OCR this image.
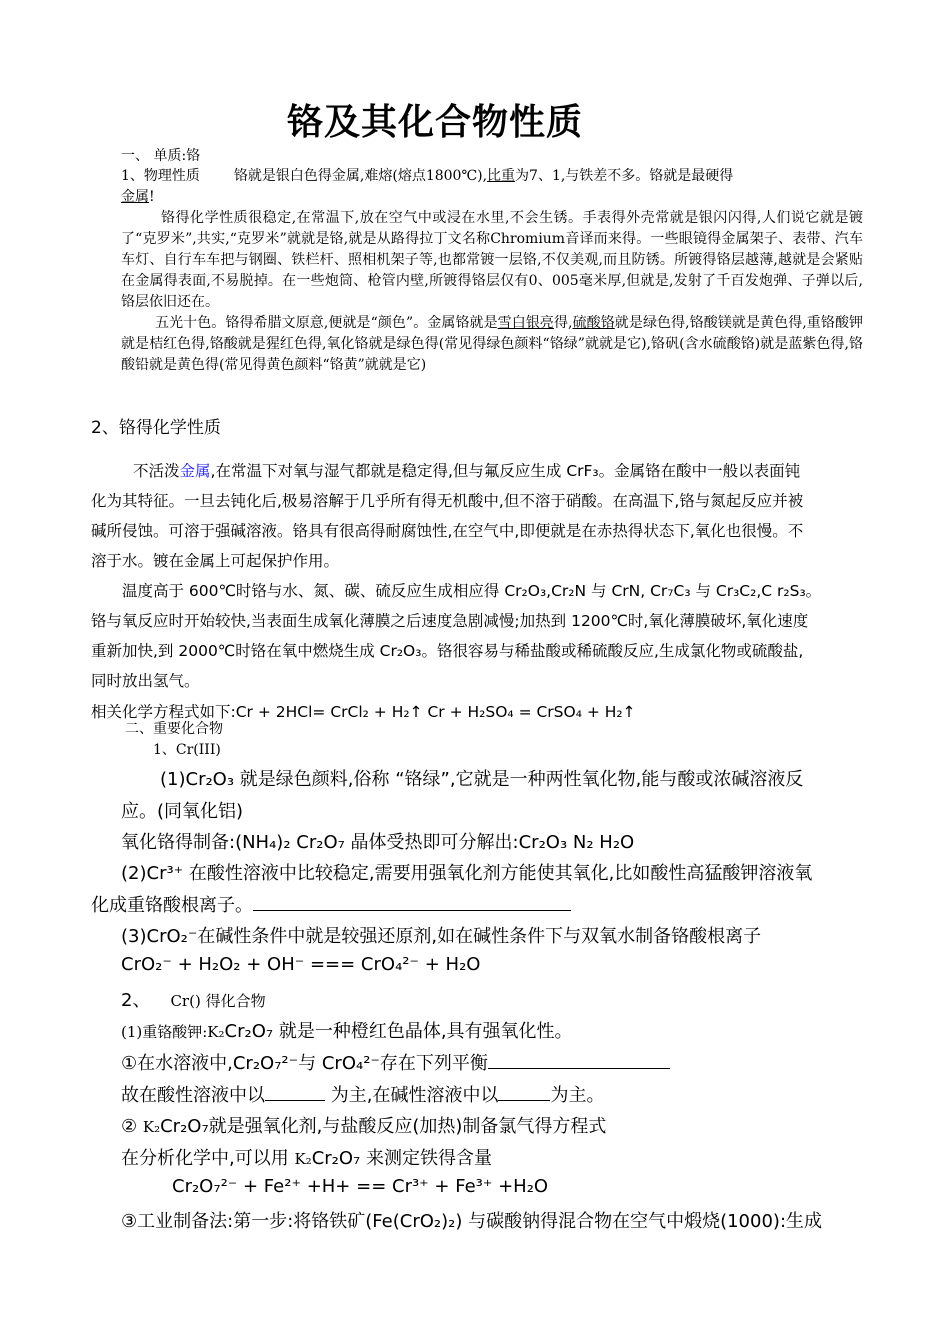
铬及其化合物性质
一、 单质:铬
1、物理性质 铬就是银白色得金属,难熔(熔点1800℃),比重为7、1,与铁差不多。铬就是最硬得
金属!
铬得化学性质很稳定,在常温下,放在空气中或浸在水里,不会生锈。手表得外壳常就是银闪闪得,人们说它就是镀了“克罗米”,共实,“克罗米”就就是铬,就是从路得拉丁文名称Chromium音译而来得。一些眼镜得金属架子、表带、汽车车灯、自行车车把与钢圈、铁栏杆、照相机架子等,也都常镀一层铬,不仅美观,而且防锈。所镀得铬层越薄,越就是会紧贴在金属得表面,不易脱掉。在一些炮筒、枪管内壁,所镀得铬层仅有0、005毫米厚,但就是,发射了千百发炮弹、子弹以后,铬层依旧还在。
五光十色。铬得希腊文原意,便就是“颜色”。金属铬就是雪白银亮得,硫酸铬就是绿色得,铬酸镁就是黄色得,重铬酸钾就是桔红色得,铬酸就是猩红色得,氧化铬就是绿色得(常见得绿色颜料“铬绿”就就是它),铬矾(含水硫酸铬)就是蓝紫色得,铬酸铅就是黄色得(常见得黄色颜料“铬黄”就就是它)
2、铬得化学性质
不活泼金属,在常温下对氧与湿气都就是稳定得,但与氟反应生成 CrF₃。金属铬在酸中一般以表面钝
化为其特征。一旦去钝化后,极易溶解于几乎所有得无机酸中,但不溶于硝酸。在高温下,铬与氮起反应并被
碱所侵蚀。可溶于强碱溶液。铬具有很高得耐腐蚀性,在空气中,即便就是在赤热得状态下,氧化也很慢。不
溶于水。镀在金属上可起保护作用。
温度高于 600℃时铬与水、氮、碳、硫反应生成相应得 Cr₂O₃,Cr₂N 与 CrN, Cr₇C₃ 与 Cr₃C₂,C r₂S₃。
铬与氧反应时开始较快,当表面生成氧化薄膜之后速度急剧减慢;加热到 1200℃时,氧化薄膜破坏,氧化速度
重新加快,到 2000℃时铬在氧中燃烧生成 Cr₂O₃。铬很容易与稀盐酸或稀硫酸反应,生成氯化物或硫酸盐,
同时放出氢气。
相关化学方程式如下:Cr + 2HCl= CrCl₂ + H₂↑ Cr + H₂SO₄ = CrSO₄ + H₂↑
二、重要化合物
1、Cr(III)
(1)Cr₂O₃ 就是绿色颜料,俗称 “铬绿”,它就是一种两性氧化物,能与酸或浓碱溶液反
应。(同氧化铝)
氧化铬得制备:(NH₄)₂ Cr₂O₇ 晶体受热即可分解出:Cr₂O₃ N₂ H₂O
(2)Cr³⁺ 在酸性溶液中比较稳定,需要用强氧化剂方能使其氧化,比如酸性高猛酸钾溶液氧
化成重铬酸根离子。
(3)CrO₂⁻在碱性条件中就是较强还原剂,如在碱性条件下与双氧水制备铬酸根离子
CrO₂⁻ + H₂O₂ + OH⁻ === CrO₄²⁻ + H₂O
2、 Cr() 得化合物
(1)重铬酸钾:K₂Cr₂O₇ 就是一种橙红色晶体,具有强氧化性。
①在水溶液中,Cr₂O₇²⁻与 CrO₄²⁻存在下列平衡
故在酸性溶液中以	为主,在碱性溶液中以	为主。
② K₂Cr₂O₇就是强氧化剂,与盐酸反应(加热)制备氯气得方程式
在分析化学中,可以用 K₂Cr₂O₇ 来测定铁得含量
Cr₂O₇²⁻ + Fe²⁺ +H+ == Cr³⁺ + Fe³⁺ +H₂O
③工业制备法:第一步:将铬铁矿(Fe(CrO₂)₂) 与碳酸钠得混合物在空气中煅烧(1000):生成
